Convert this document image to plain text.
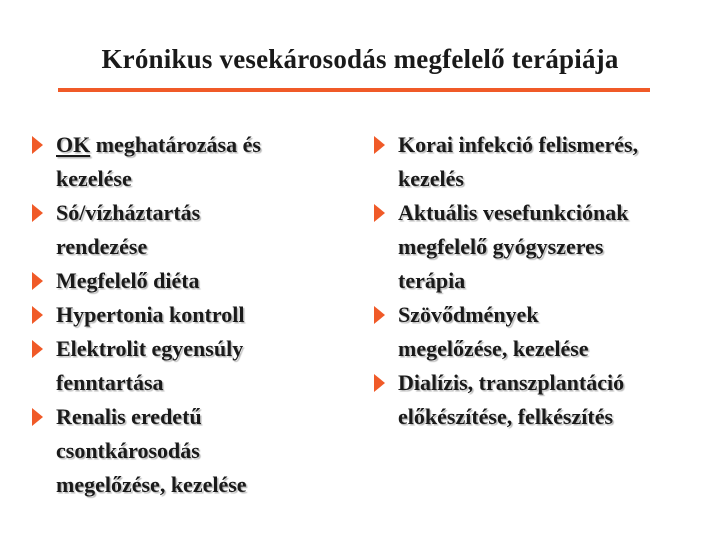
Krónikus vesekárosodás megfelelő terápiája
OK meghatározása és
kezelése
Só/vízháztartás
rendezése
Megfelelő diéta
Hypertonia kontroll
Elektrolit egyensúly
fenntartása
Renalis eredetű
csontkárosodás
megelőzése, kezelése
Korai infekció felismerés,
kezelés
Aktuális vesefunkciónak
megfelelő gyógyszeres
terápia
Szövődmények
megelőzése, kezelése
Dialízis, transzplantáció
előkészítése, felkészítés
